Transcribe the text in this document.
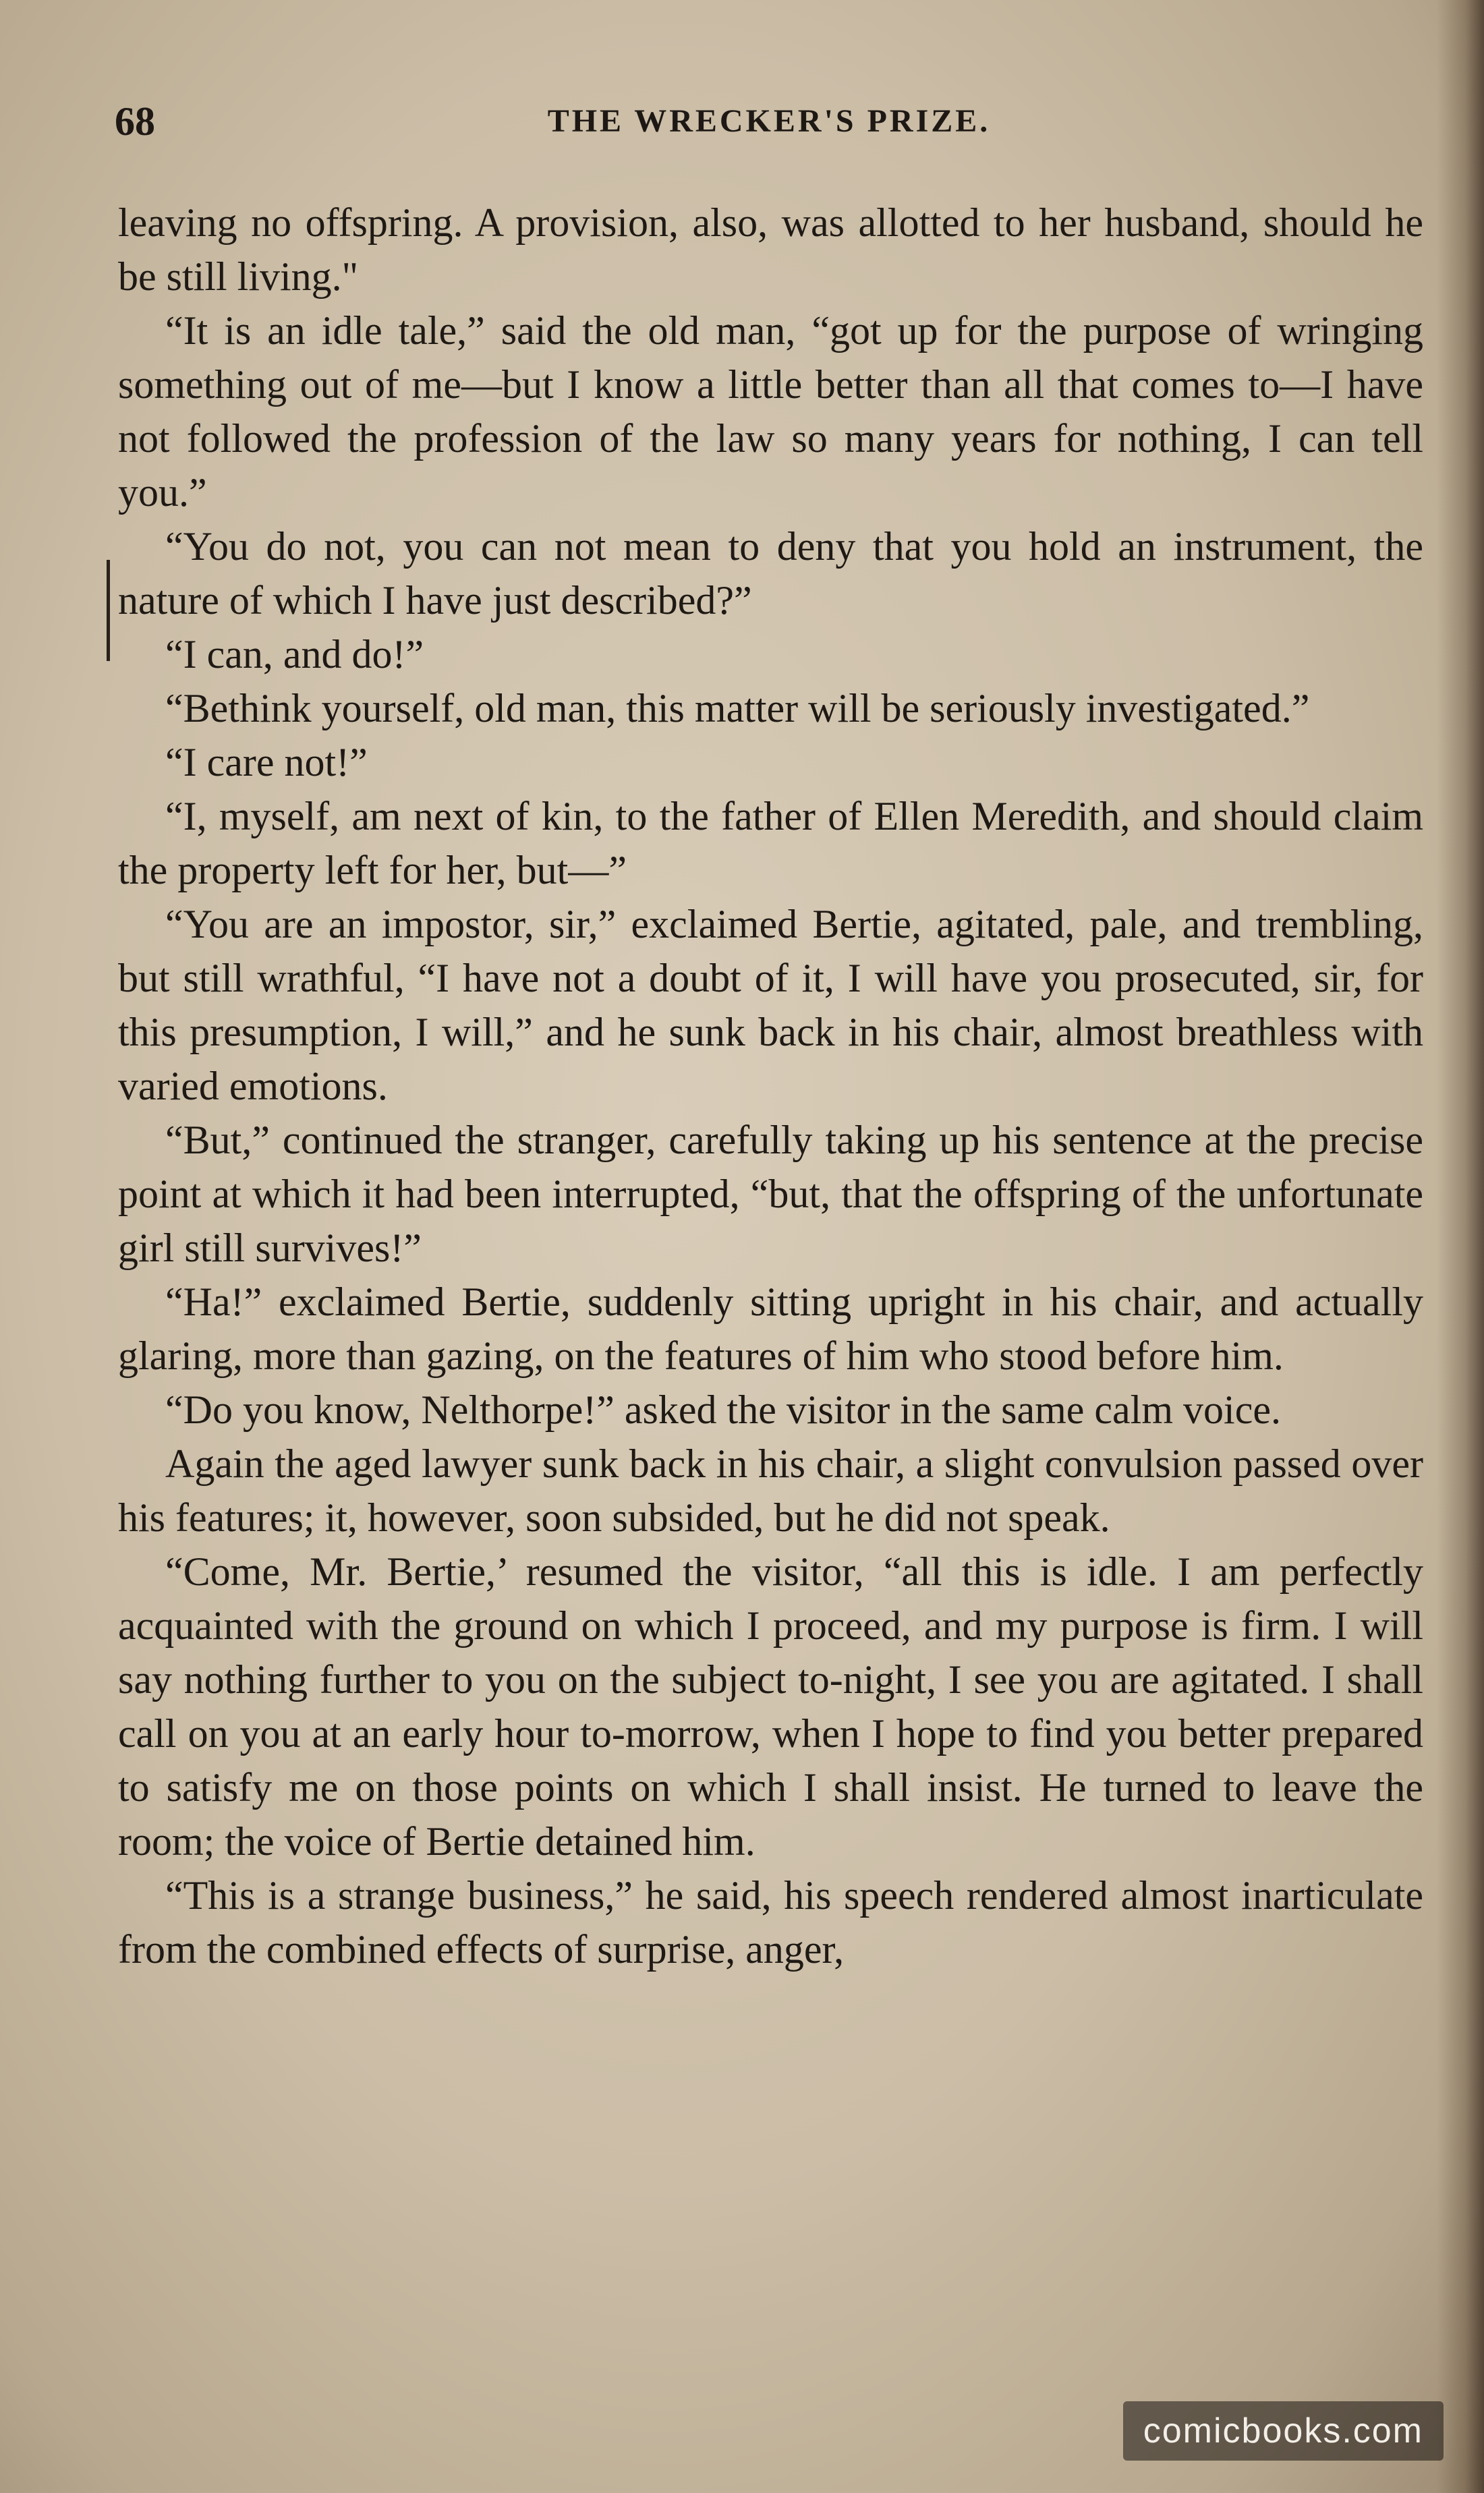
68	THE WRECKER'S PRIZE.

leaving no offspring. A provision, also, was allotted to her husband, should he be still living."

“It is an idle tale,” said the old man, “got up for the purpose of wringing something out of me—but I know a little better than all that comes to—I have not followed the profession of the law so many years for nothing, I can tell you.”

“You do not, you can not mean to deny that you hold an instrument, the nature of which I have just described?”

“I can, and do!”

“Bethink yourself, old man, this matter will be seriously investigated.”

“I care not!”

“I, myself, am next of kin, to the father of Ellen Meredith, and should claim the property left for her, but—”

“You are an impostor, sir,” exclaimed Bertie, agitated, pale, and trembling, but still wrathful, “I have not a doubt of it, I will have you prosecuted, sir, for this presumption, I will,” and he sunk back in his chair, almost breathless with varied emotions.

“But,” continued the stranger, carefully taking up his sentence at the precise point at which it had been interrupted, “but, that the offspring of the unfortunate girl still survives!”

“Ha!” exclaimed Bertie, suddenly sitting upright in his chair, and actually glaring, more than gazing, on the features of him who stood before him.

“Do you know, Nelthorpe!” asked the visitor in the same calm voice.

Again the aged lawyer sunk back in his chair, a slight convulsion passed over his features; it, however, soon subsided, but he did not speak.

“Come, Mr. Bertie,’ resumed the visitor, “all this is idle. I am perfectly acquainted with the ground on which I proceed, and my purpose is firm. I will say nothing further to you on the subject to-night, I see you are agitated. I shall call on you at an early hour to-morrow, when I hope to find you better prepared to satisfy me on those points on which I shall insist. He turned to leave the room; the voice of Bertie detained him.

“This is a strange business,” he said, his speech rendered almost inarticulate from the combined effects of surprise, anger,

comicbooks.com
